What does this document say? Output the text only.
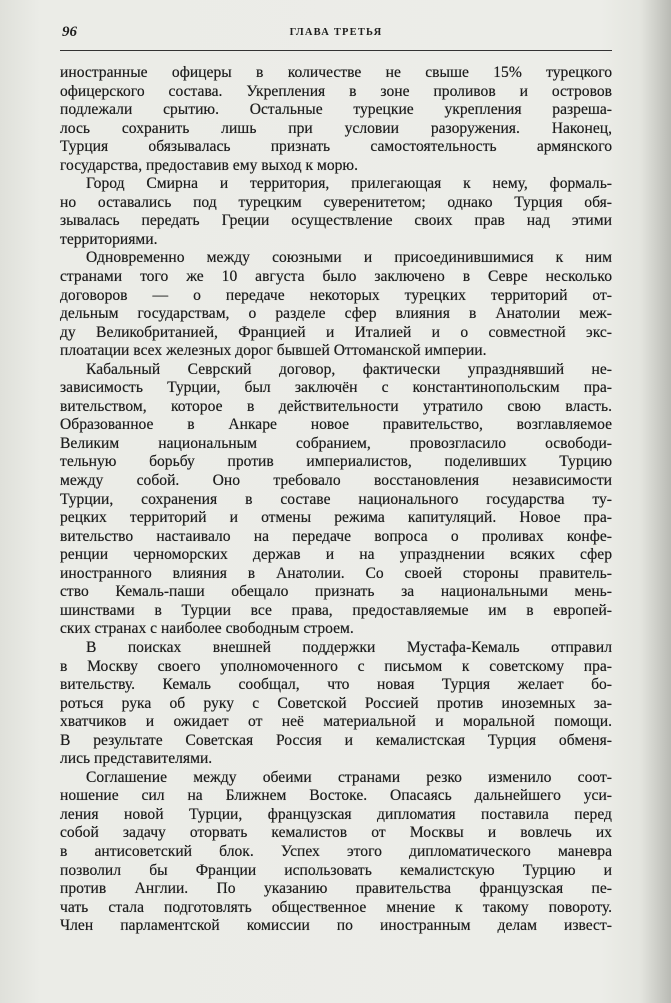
96	ГЛАВА ТРЕТЬЯ
иностранные офицеры в количестве не свыше 15% турецкого
офицерского состава. Укрепления в зоне проливов и островов
подлежали срытию. Остальные турецкие укрепления разреша-
лось сохранить лишь при условии разоружения. Наконец,
Турция обязывалась признать самостоятельность армянского
государства, предоставив ему выход к морю.
Город Смирна и территория, прилегающая к нему, формаль-
но оставались под турецким суверенитетом; однако Турция обя-
зывалась передать Греции осуществление своих прав над этими
территориями.
Одновременно между союзными и присоединившимися к ним
странами того же 10 августа было заключено в Севре несколько
договоров — о передаче некоторых турецких территорий от-
дельным государствам, о разделе сфер влияния в Анатолии меж-
ду Великобританией, Францией и Италией и о совместной экс-
плоатации всех железных дорог бывшей Оттоманской империи.
Кабальный Севрский договор, фактически упразднявший не-
зависимость Турции, был заключён с константинопольским пра-
вительством, которое в действительности утратило свою власть.
Образованное в Анкаре новое правительство, возглавляемое
Великим национальным собранием, провозгласило освободи-
тельную борьбу против империалистов, поделивших Турцию
между собой. Оно требовало восстановления независимости
Турции, сохранения в составе национального государства ту-
рецких территорий и отмены режима капитуляций. Новое пра-
вительство настаивало на передаче вопроса о проливах конфе-
ренции черноморских держав и на упразднении всяких сфер
иностранного влияния в Анатолии. Со своей стороны правитель-
ство Кемаль-паши обещало признать за национальными мень-
шинствами в Турции все права, предоставляемые им в европей-
ских странах с наиболее свободным строем.
В поисках внешней поддержки Мустафа-Кемаль отправил
в Москву своего уполномоченного с письмом к советскому пра-
вительству. Кемаль сообщал, что новая Турция желает бо-
роться рука об руку с Советской Россией против иноземных за-
хватчиков и ожидает от неё материальной и моральной помощи.
В результате Советская Россия и кемалистская Турция обменя-
лись представителями.
Соглашение между обеими странами резко изменило соот-
ношение сил на Ближнем Востоке. Опасаясь дальнейшего уси-
ления новой Турции, французская дипломатия поставила перед
собой задачу оторвать кемалистов от Москвы и вовлечь их
в антисоветский блок. Успех этого дипломатического маневра
позволил бы Франции использовать кемалистскую Турцию и
против Англии. По указанию правительства французская пе-
чать стала подготовлять общественное мнение к такому повороту.
Член парламентской комиссии по иностранным делам извест-
